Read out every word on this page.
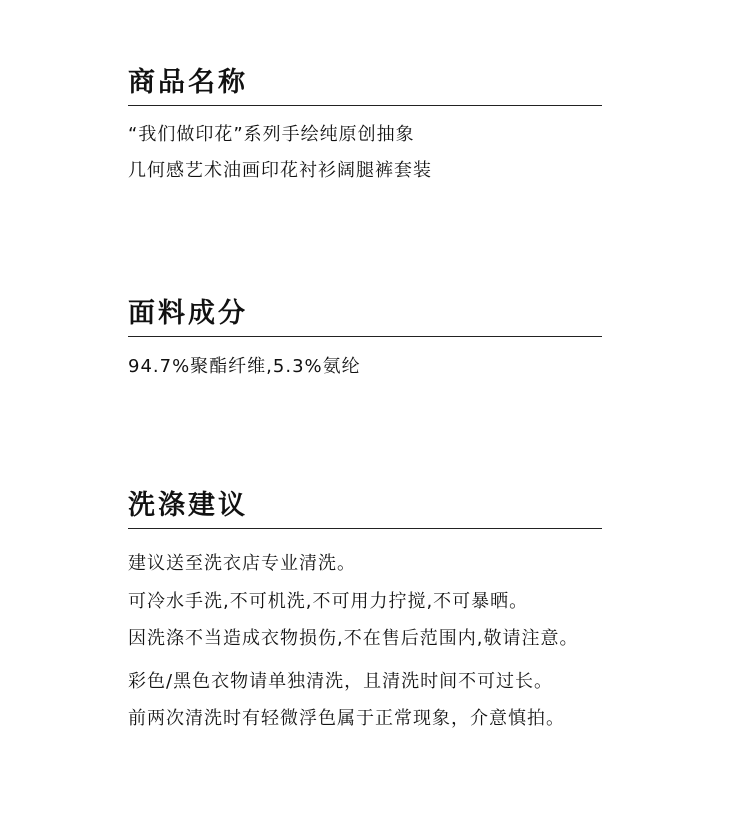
商品名称

“我们做印花”系列手绘纯原创抽象

几何感艺术油画印花衬衫阔腿裤套装

面料成分

94.7%聚酯纤维,5.3%氨纶

洗涤建议

建议送至洗衣店专业清洗。

可冷水手洗,不可机洗,不可用力拧搅,不可暴晒。

因洗涤不当造成衣物损伤,不在售后范围内,敬请注意。

彩色/黑色衣物请单独清洗，且清洗时间不可过长。

前两次清洗时有轻微浮色属于正常现象，介意慎拍。
